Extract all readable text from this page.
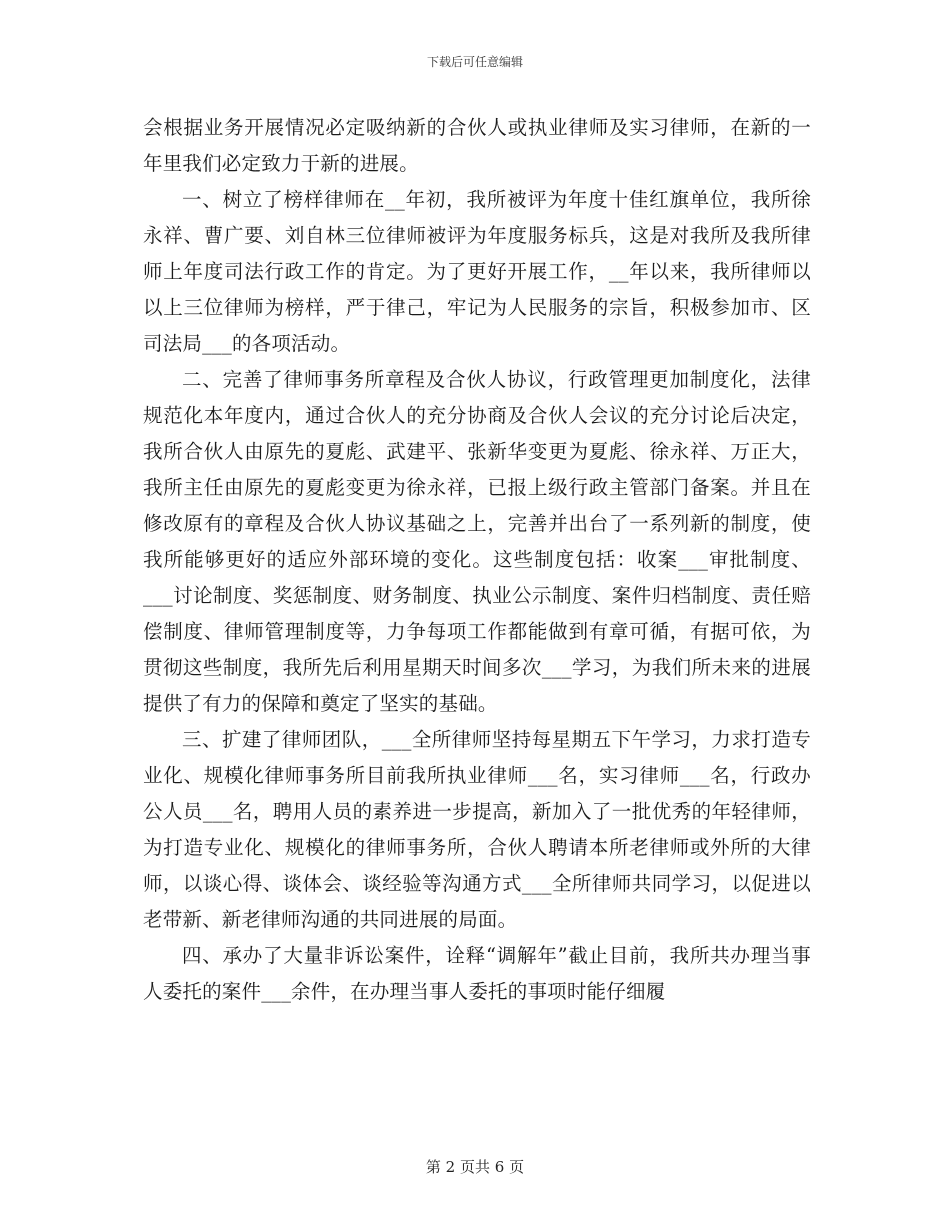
下载后可任意编辑

会根据业务开展情况必定吸纳新的合伙人或执业律师及实习律师，在新的一年里我们必定致力于新的进展。

一、树立了榜样律师在__年初，我所被评为年度十佳红旗单位，我所徐永祥、曹广要、刘自林三位律师被评为年度服务标兵，这是对我所及我所律师上年度司法行政工作的肯定。为了更好开展工作，__年以来，我所律师以以上三位律师为榜样，严于律己，牢记为人民服务的宗旨，积极参加市、区司法局___的各项活动。

二、完善了律师事务所章程及合伙人协议，行政管理更加制度化，法律规范化本年度内，通过合伙人的充分协商及合伙人会议的充分讨论后决定，我所合伙人由原先的夏彪、武建平、张新华变更为夏彪、徐永祥、万正大，我所主任由原先的夏彪变更为徐永祥，已报上级行政主管部门备案。并且在修改原有的章程及合伙人协议基础之上，完善并出台了一系列新的制度，使我所能够更好的适应外部环境的变化。这些制度包括：收案___审批制度、___讨论制度、奖惩制度、财务制度、执业公示制度、案件归档制度、责任赔偿制度、律师管理制度等，力争每项工作都能做到有章可循，有据可依，为贯彻这些制度，我所先后利用星期天时间多次___学习，为我们所未来的进展提供了有力的保障和奠定了坚实的基础。

三、扩建了律师团队，___全所律师坚持每星期五下午学习，力求打造专业化、规模化律师事务所目前我所执业律师___名，实习律师___名，行政办公人员___名，聘用人员的素养进一步提高，新加入了一批优秀的年轻律师，为打造专业化、规模化的律师事务所，合伙人聘请本所老律师或外所的大律师，以谈心得、谈体会、谈经验等沟通方式___全所律师共同学习，以促进以老带新、新老律师沟通的共同进展的局面。

四、承办了大量非诉讼案件，诠释“调解年”截止目前，我所共办理当事人委托的案件___余件，在办理当事人委托的事项时能仔细履

第 2 页共 6 页
